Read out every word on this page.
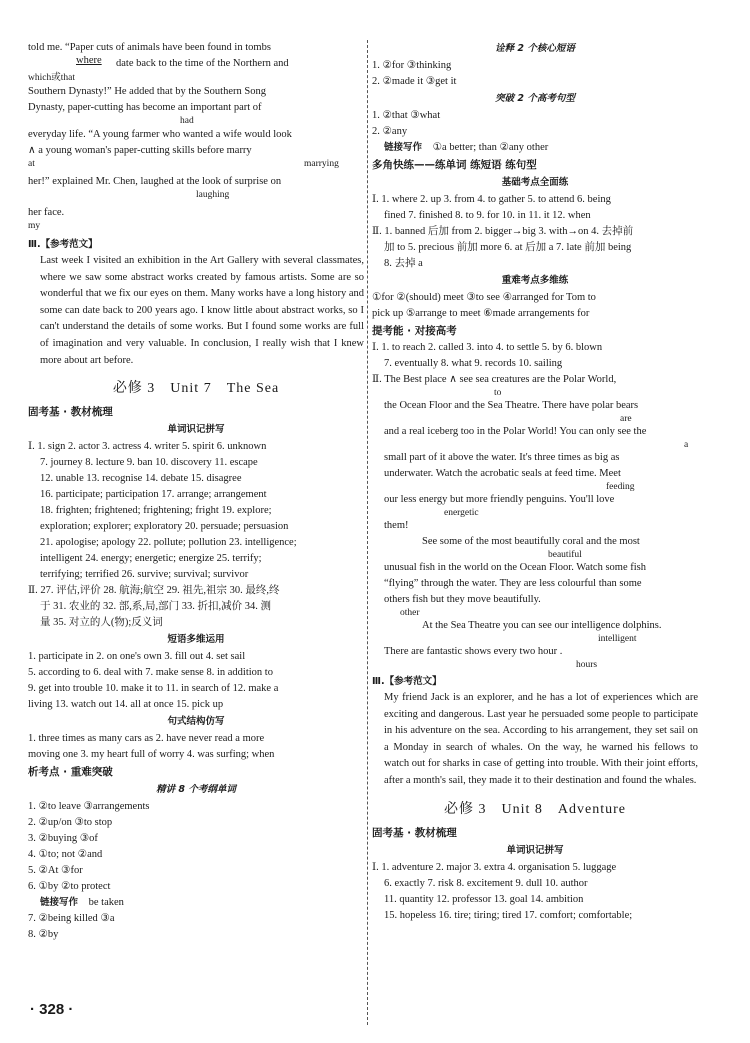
told me. “Paper cuts of animals have been found in tombs
where date back to the time of the Northern and
which或that
Southern Dynasty!” He added that by the Southern Song
Dynasty, paper-cutting has become an important part of
had
everyday life. “A young farmer who wanted a wife would look
∧ a young woman's paper-cutting skills before marry
at	marrying
her!” explained Mr. Chen, laughed at the look of surprise on
laughing
her face.
my
Ⅲ.【参考范文】
Last week I visited an exhibition in the Art Gallery with several classmates, where we saw some abstract works created by famous artists. Some are so wonderful that we fix our eyes on them. Many works have a long history and some can date back to 200 years ago. I know little about abstract works, so I can't understand the details of some works. But I found some works are full of imagination and very valuable. In conclusion, I really wish that I knew more about art before.
必修 3　Unit 7　The Sea
固考基 · 教材梳理
单词识记拼写
Ⅰ. 1. sign 2. actor 3. actress 4. writer 5. spirit 6. unknown
7. journey 8. lecture 9. ban 10. discovery 11. escape
12. unable 13. recognise 14. debate 15. disagree
16. participate; participation 17. arrange; arrangement
18. frighten; frightened; frightening; fright 19. explore;
exploration; explorer; exploratory 20. persuade; persuasion
21. apologise; apology 22. pollute; pollution 23. intelligence;
intelligent 24. energy; energetic; energize 25. terrify;
terrifying; terrified 26. survive; survival; survivor
Ⅱ. 27. 评估,评价 28. 航海;航空 29. 祖先,祖宗 30. 最终,终
于 31. 农业的 32. 部,系,局,部门 33. 折扣,减价 34. 测
量 35. 对立的人(物);反义词
短语多维运用
1. participate in 2. on one's own 3. fill out 4. set sail
5. according to 6. deal with 7. make sense 8. in addition to
9. get into trouble 10. make it to 11. in search of 12. make a
living 13. watch out 14. all at once 15. pick up
句式结构仿写
1. three times as many cars as 2. have never read a more
moving one 3. my heart full of worry 4. was surfing; when
析考点 · 重难突破
精讲 8 个考纲单词
1. ②to leave ③arrangements
2. ②up/on ③to stop
3. ②buying ③of
4. ①to; not ②and
5. ②At ③for
6. ①by ②to protect
链接写作 be taken
7. ②being killed ③a
8. ②by
· 328 ·
诠释 2 个核心短语
1. ②for ③thinking
2. ②made it ③get it
突破 2 个高考句型
1. ②that ③what
2. ②any
链接写作 ①a better; than ②any other
多角快练——练单词 练短语 练句型
基础考点全面练
Ⅰ. 1. where 2. up 3. from 4. to gather 5. to attend 6. being
fined 7. finished 8. to 9. for 10. in 11. it 12. when
Ⅱ. 1. banned 后加 from 2. bigger→big 3. with→on 4. 去掉前
加 to 5. precious 前加 more 6. at 后加 a 7. late 前加 being
8. 去掉 a
重难考点多维练
①for ②(should) meet ③to see ④arranged for Tom to
pick up ⑤arrange to meet ⑥made arrangements for
提考能 · 对接高考
Ⅰ. 1. to reach 2. called 3. into 4. to settle 5. by 6. blown
7. eventually 8. what 9. records 10. sailing
Ⅱ. The Best place ∧ see sea creatures are the Polar World,
to
the Ocean Floor and the Sea Theatre. There have polar bears
are
and a real iceberg too in the Polar World! You can only see the
a
small part of it above the water. It's three times as big as
underwater. Watch the acrobatic seals at feed time. Meet
feeding
our less energy but more friendly penguins. You'll love
energetic
them!
See some of the most beautifully coral and the most
beautiful
unusual fish in the world on the Ocean Floor. Watch some fish
“flying” through the water. They are less colourful than some
others fish but they move beautifully.
other
At the Sea Theatre you can see our intelligence dolphins.
intelligent
There are fantastic shows every two hour .
hours
Ⅲ.【参考范文】
My friend Jack is an explorer, and he has a lot of experiences which are exciting and dangerous. Last year he persuaded some people to participate in his adventure on the sea. According to his arrangement, they set sail on a Monday in search of whales. On the way, he warned his fellows to watch out for sharks in case of getting into trouble. With their joint efforts, after a month's sail, they made it to their destination and found the whales.
必修 3　Unit 8　Adventure
固考基 · 教材梳理
单词识记拼写
Ⅰ. 1. adventure 2. major 3. extra 4. organisation 5. luggage
6. exactly 7. risk 8. excitement 9. dull 10. author
11. quantity 12. professor 13. goal 14. ambition
15. hopeless 16. tire; tiring; tired 17. comfort; comfortable;
